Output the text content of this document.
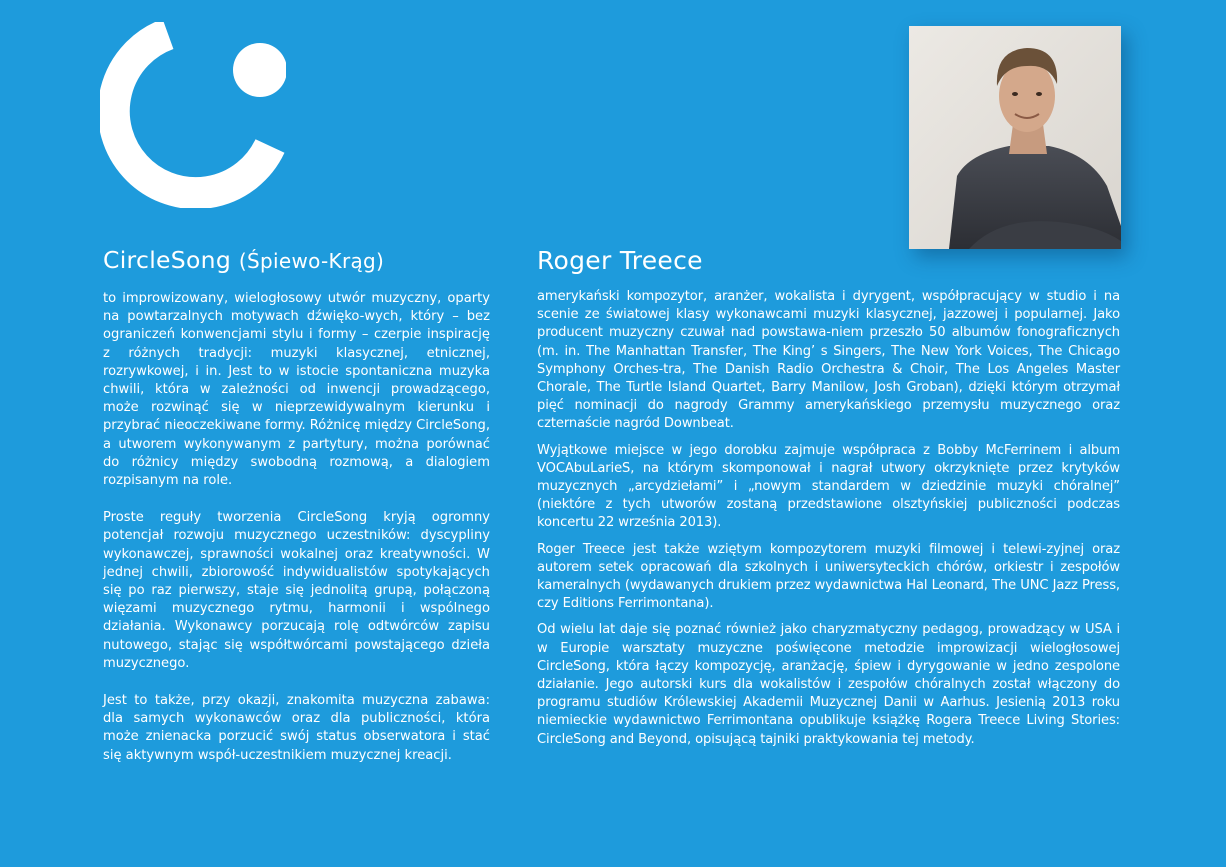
CircleSong (Śpiewo-Krąg)	Roger Treece

to improwizowany, wielogłosowy utwór muzyczny, oparty na powtarzalnych motywach dźwięko-wych, który – bez ograniczeń konwencjami stylu i formy – czerpie inspirację z różnych tradycji: muzyki klasycznej, etnicznej, rozrywkowej, i in. Jest to w istocie spontaniczna muzyka chwili, która w zależności od inwencji prowadzącego, może rozwinąć się w nieprzewidywalnym kierunku i przybrać nieoczekiwane formy. Różnicę między CircleSong, a utworem wykonywanym z partytury, można porównać do różnicy między swobodną rozmową, a dialogiem rozpisanym na role.

Proste reguły tworzenia CircleSong kryją ogromny potencjał rozwoju muzycznego uczestników: dyscypliny wykonawczej, sprawności wokalnej oraz kreatywności. W jednej chwili, zbiorowość indywidualistów spotykających się po raz pierwszy, staje się jednolitą grupą, połączoną więzami muzycznego rytmu, harmonii i wspólnego działania. Wykonawcy porzucają rolę odtwórców zapisu nutowego, stając się współtwórcami powstającego dzieła muzycznego.

Jest to także, przy okazji, znakomita muzyczna zabawa: dla samych wykonawców oraz dla publiczności, która może znienacka porzucić swój status obserwatora i stać się aktywnym współ-uczestnikiem muzycznej kreacji.

amerykański kompozytor, aranżer, wokalista i dyrygent, współpracujący w studio i na scenie ze światowej klasy wykonawcami muzyki klasycznej, jazzowej i popularnej. Jako producent muzyczny czuwał nad powstawa-niem przeszło 50 albumów fonograficznych (m. in. The Manhattan Transfer, The King’ s Singers, The New York Voices, The Chicago Symphony Orches-tra, The Danish Radio Orchestra & Choir, The Los Angeles Master Chorale, The Turtle Island Quartet, Barry Manilow, Josh Groban), dzięki którym otrzymał pięć nominacji do nagrody Grammy amerykańskiego przemysłu muzycznego oraz czternaście nagród Downbeat.

Wyjątkowe miejsce w jego dorobku zajmuje współpraca z Bobby McFerrinem i album VOCAbuLarieS, na którym skomponował i nagrał utwory okrzyknięte przez krytyków muzycznych „arcydziełami” i „nowym standardem w dziedzinie muzyki chóralnej” (niektóre z tych utworów zostaną przedstawione olsztyńskiej publiczności podczas koncertu 22 września 2013).

Roger Treece jest także wziętym kompozytorem muzyki filmowej i telewi-zyjnej oraz autorem setek opracowań dla szkolnych i uniwersyteckich chórów, orkiestr i zespołów kameralnych (wydawanych drukiem przez wydawnictwa Hal Leonard, The UNC Jazz Press, czy Editions Ferrimontana).

Od wielu lat daje się poznać również jako charyzmatyczny pedagog, prowadzący w USA i w Europie warsztaty muzyczne poświęcone metodzie improwizacji wielogłosowej CircleSong, która łączy kompozycję, aranżację, śpiew i dyrygowanie w jedno zespolone działanie. Jego autorski kurs dla wokalistów i zespołów chóralnych został włączony do programu studiów Królewskiej Akademii Muzycznej Danii w Aarhus. Jesienią 2013 roku niemieckie wydawnictwo Ferrimontana opublikuje książkę Rogera Treece Living Stories: CircleSong and Beyond, opisującą tajniki praktykowania tej metody.
